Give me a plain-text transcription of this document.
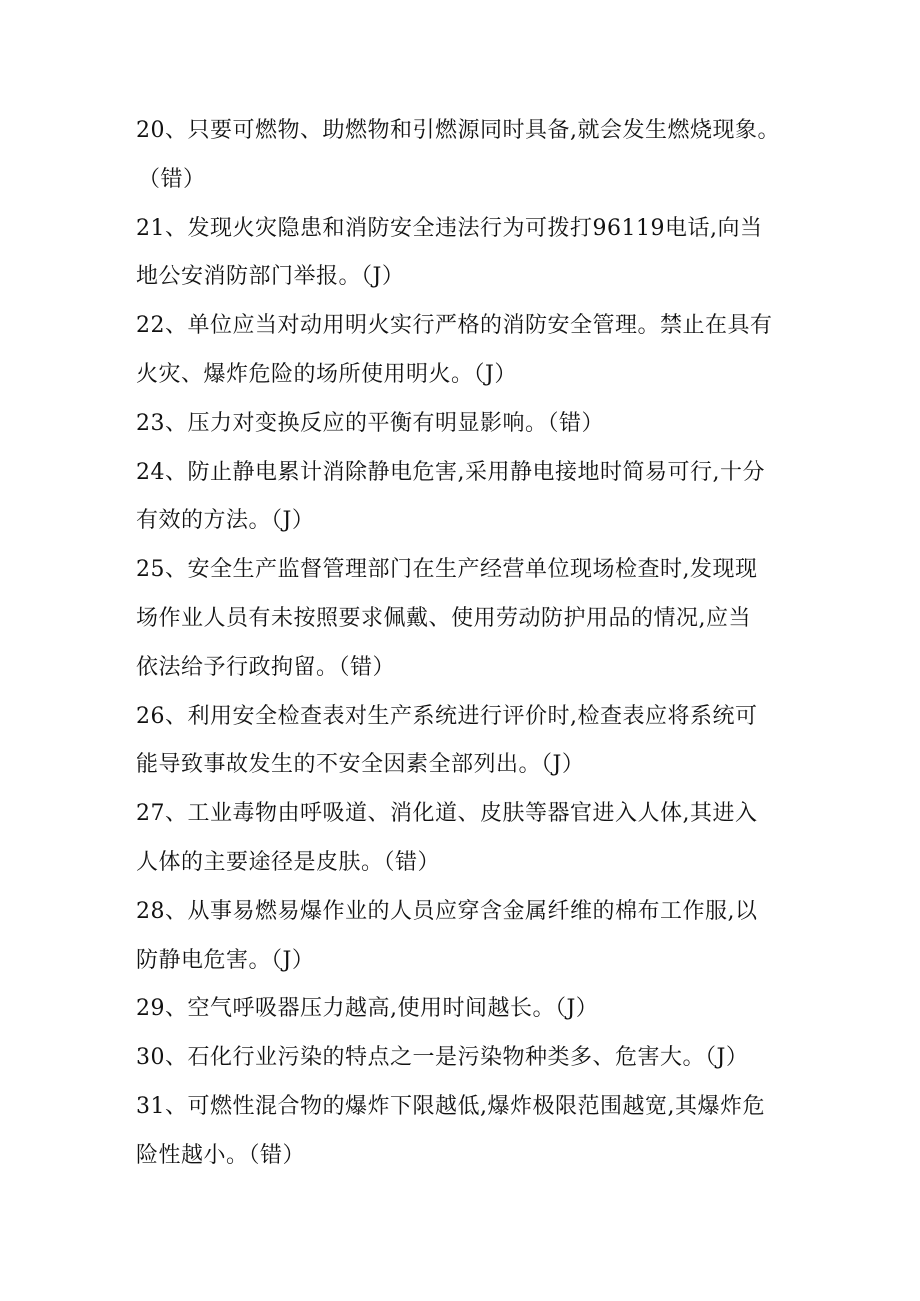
20、只要可燃物、助燃物和引燃源同时具备,就会发生燃烧现象。
（错）
21、发现火灾隐患和消防安全违法行为可拨打96119电话,向当
地公安消防部门举报。（J）
22、单位应当对动用明火实行严格的消防安全管理。禁止在具有
火灾、爆炸危险的场所使用明火。（J）
23、压力对变换反应的平衡有明显影响。（错）
24、防止静电累计消除静电危害,采用静电接地时简易可行,十分
有效的方法。（J）
25、安全生产监督管理部门在生产经营单位现场检查时,发现现
场作业人员有未按照要求佩戴、使用劳动防护用品的情况,应当
依法给予行政拘留。（错）
26、利用安全检查表对生产系统进行评价时,检查表应将系统可
能导致事故发生的不安全因素全部列出。（J）
27、工业毒物由呼吸道、消化道、皮肤等器官进入人体,其进入
人体的主要途径是皮肤。（错）
28、从事易燃易爆作业的人员应穿含金属纤维的棉布工作服,以
防静电危害。（J）
29、空气呼吸器压力越高,使用时间越长。（J）
30、石化行业污染的特点之一是污染物种类多、危害大。（J）
31、可燃性混合物的爆炸下限越低,爆炸极限范围越宽,其爆炸危
险性越小。（错）
